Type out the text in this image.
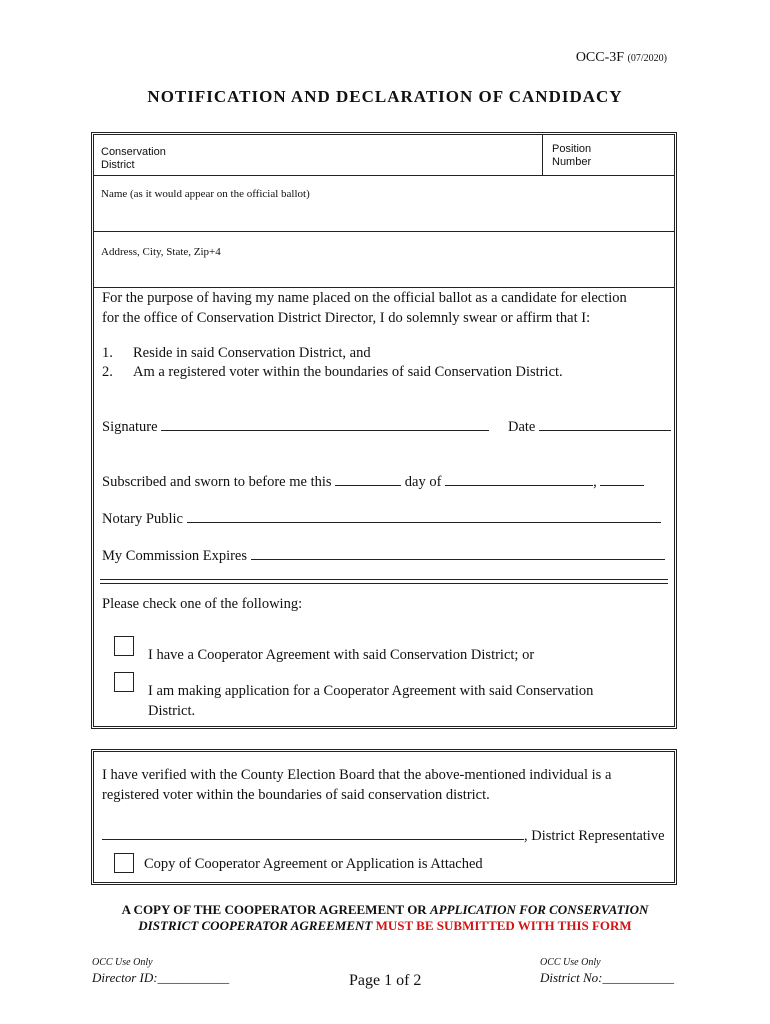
OCC-3F (07/2020)
NOTIFICATION AND DECLARATION OF CANDIDACY
Conservation
District
Position
Number
Name (as it would appear on the official ballot)
Address, City, State, Zip+4
For the purpose of having my name placed on the official ballot as a candidate for election
for the office of Conservation District Director, I do solemnly swear or affirm that I:
1. Reside in said Conservation District, and
2. Am a registered voter within the boundaries of said Conservation District.
Signature	Date
Subscribed and sworn to before me this	day of	,
Notary Public
My Commission Expires
Please check one of the following:
I have a Cooperator Agreement with said Conservation District; or
I am making application for a Cooperator Agreement with said Conservation
District.
I have verified with the County Election Board that the above-mentioned individual is a
registered voter within the boundaries of said conservation district.
, District Representative
Copy of Cooperator Agreement or Application is Attached
A COPY OF THE COOPERATOR AGREEMENT OR APPLICATION FOR CONSERVATION
DISTRICT COOPERATOR AGREEMENT MUST BE SUBMITTED WITH THIS FORM
OCC Use Only
Director ID:___________	Page 1 of 2
OCC Use Only
District No:___________
